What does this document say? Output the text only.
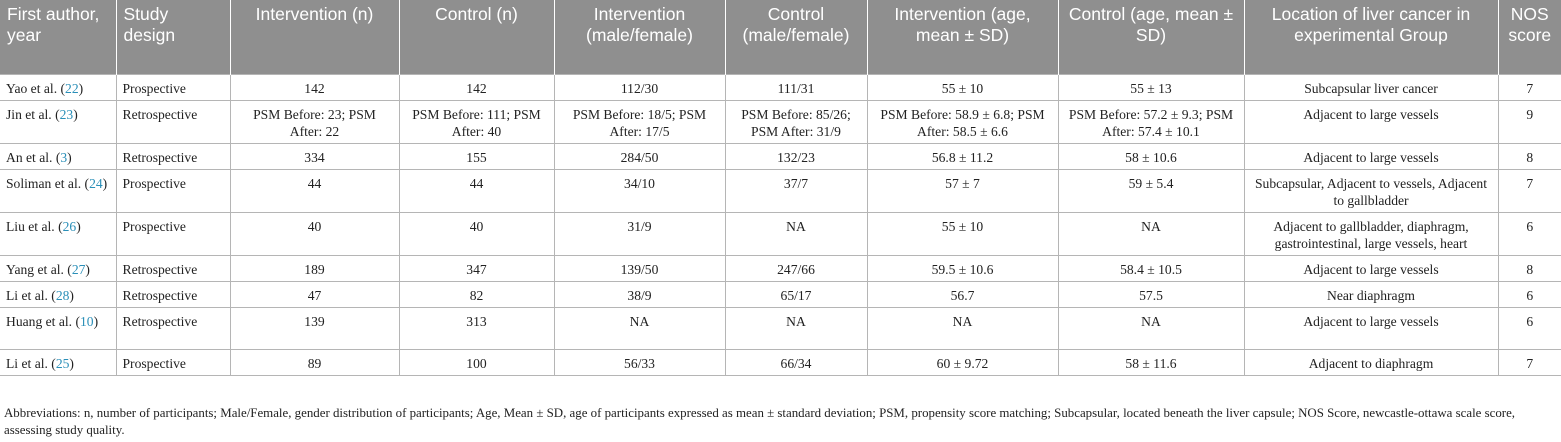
First author, year	Study design	Intervention (n)	Control (n)	Intervention (male/female)	Control (male/female)	Intervention (age, mean ± SD)	Control (age, mean ± SD)	Location of liver cancer in experimental Group	NOS score
Yao et al. (22)	Prospective	142	142	112/30	111/31	55 ± 10	55 ± 13	Subcapsular liver cancer	7
Jin et al. (23)	Retrospective	PSM Before: 23; PSM After: 22	PSM Before: 111; PSM After: 40	PSM Before: 18/5; PSM After: 17/5	PSM Before: 85/26; PSM After: 31/9	PSM Before: 58.9 ± 6.8; PSM After: 58.5 ± 6.6	PSM Before: 57.2 ± 9.3; PSM After: 57.4 ± 10.1	Adjacent to large vessels	9
An et al. (3)	Retrospective	334	155	284/50	132/23	56.8 ± 11.2	58 ± 10.6	Adjacent to large vessels	8
Soliman et al. (24)	Prospective	44	44	34/10	37/7	57 ± 7	59 ± 5.4	Subcapsular, Adjacent to vessels, Adjacent to gallbladder	7
Liu et al. (26)	Prospective	40	40	31/9	NA	55 ± 10	NA	Adjacent to gallbladder, diaphragm, gastrointestinal, large vessels, heart	6
Yang et al. (27)	Retrospective	189	347	139/50	247/66	59.5 ± 10.6	58.4 ± 10.5	Adjacent to large vessels	8
Li et al. (28)	Retrospective	47	82	38/9	65/17	56.7	57.5	Near diaphragm	6
Huang et al. (10)	Retrospective	139	313	NA	NA	NA	NA	Adjacent to large vessels	6
Li et al. (25)	Prospective	89	100	56/33	66/34	60 ± 9.72	58 ± 11.6	Adjacent to diaphragm	7
Abbreviations: n, number of participants; Male/Female, gender distribution of participants; Age, Mean ± SD, age of participants expressed as mean ± standard deviation; PSM, propensity score matching; Subcapsular, located beneath the liver capsule; NOS Score, newcastle-ottawa scale score, assessing study quality.
